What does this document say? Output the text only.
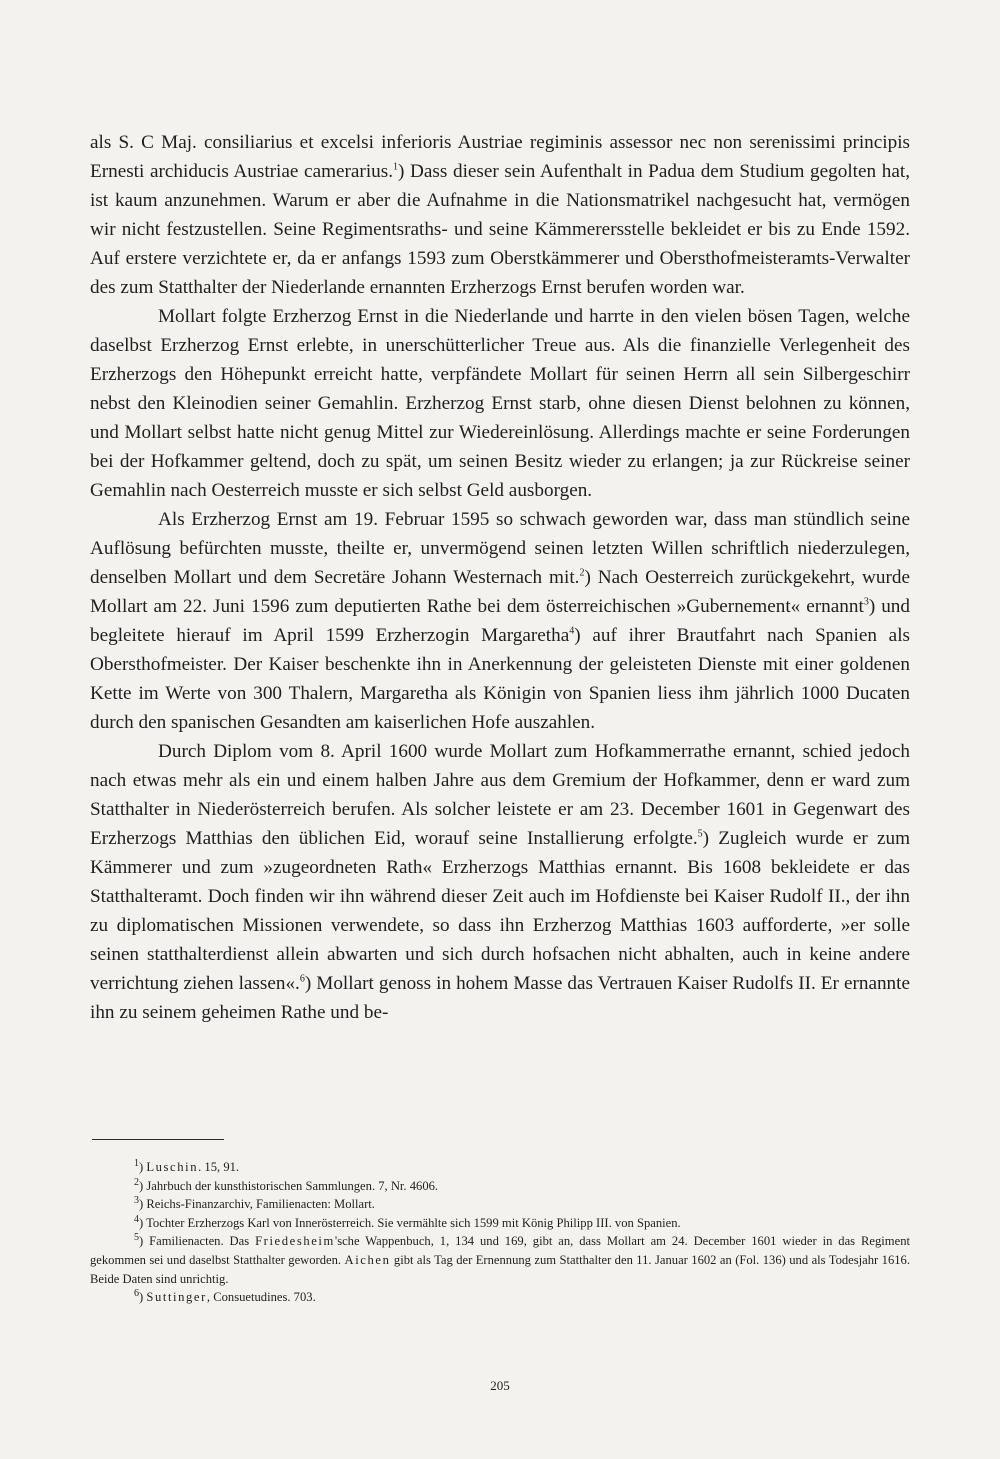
als S. C Maj. consiliarius et excelsi inferioris Austriae regiminis assessor nec non serenissimi principis Ernesti archiducis Austriae camerarius.$^1$) Dass dieser sein Aufenthalt in Padua dem Studium gegolten hat, ist kaum anzunehmen. Warum er aber die Aufnahme in die Nationsmatrikel nachgesucht hat, vermögen wir nicht festzustellen. Seine Regimentsraths- und seine Kämmerersstelle bekleidet er bis zu Ende 1592. Auf erstere verzichtete er, da er anfangs 1593 zum Oberstkämmerer und Obersthofmeisteramts-Verwalter des zum Statthalter der Niederlande ernannten Erzherzogs Ernst berufen worden war.

Mollart folgte Erzherzog Ernst in die Niederlande und harrte in den vielen bösen Tagen, welche daselbst Erzherzog Ernst erlebte, in unerschütterlicher Treue aus. Als die finanzielle Verlegenheit des Erzherzogs den Höhepunkt erreicht hatte, verpfändete Mollart für seinen Herrn all sein Silbergeschirr nebst den Kleinodien seiner Gemahlin. Erzherzog Ernst starb, ohne diesen Dienst belohnen zu können, und Mollart selbst hatte nicht genug Mittel zur Wiedereinlösung. Allerdings machte er seine Forderungen bei der Hofkammer geltend, doch zu spät, um seinen Besitz wieder zu erlangen; ja zur Rückreise seiner Gemahlin nach Oesterreich musste er sich selbst Geld ausborgen.

Als Erzherzog Ernst am 19. Februar 1595 so schwach geworden war, dass man stündlich seine Auflösung befürchten musste, theilte er, unvermögend seinen letzten Willen schriftlich niederzulegen, denselben Mollart und dem Secretäre Johann Westernach mit.$^2$) Nach Oesterreich zurückgekehrt, wurde Mollart am 22. Juni 1596 zum deputierten Rathe bei dem österreichischen »Gubernement« ernannt$^3$) und begleitete hierauf im April 1599 Erzherzogin Margaretha$^4$) auf ihrer Brautfahrt nach Spanien als Obersthofmeister. Der Kaiser beschenkte ihn in Anerkennung der geleisteten Dienste mit einer goldenen Kette im Werte von 300 Thalern, Margaretha als Königin von Spanien liess ihm jährlich 1000 Ducaten durch den spanischen Gesandten am kaiserlichen Hofe auszahlen.

Durch Diplom vom 8. April 1600 wurde Mollart zum Hofkammerrathe ernannt, schied jedoch nach etwas mehr als ein und einem halben Jahre aus dem Gremium der Hofkammer, denn er ward zum Statthalter in Niederösterreich berufen. Als solcher leistete er am 23. December 1601 in Gegenwart des Erzherzogs Matthias den üblichen Eid, worauf seine Installierung erfolgte.$^5$) Zugleich wurde er zum Kämmerer und zum »zugeordneten Rath« Erzherzogs Matthias ernannt. Bis 1608 bekleidete er das Statthalteramt. Doch finden wir ihn während dieser Zeit auch im Hofdienste bei Kaiser Rudolf II., der ihn zu diplomatischen Missionen verwendete, so dass ihn Erzherzog Matthias 1603 aufforderte, »er solle seinen statthalterdienst allein abwarten und sich durch hofsachen nicht abhalten, auch in keine andere verrichtung ziehen lassen«.$^6$) Mollart genoss in hohem Masse das Vertrauen Kaiser Rudolfs II. Er ernannte ihn zu seinem geheimen Rathe und be-

$^1$) Luschin. 15, 91.

$^2$) Jahrbuch der kunsthistorischen Sammlungen. 7, Nr. 4606.

$^3$) Reichs-Finanzarchiv, Familienacten: Mollart.

$^4$) Tochter Erzherzogs Karl von Innerösterreich. Sie vermählte sich 1599 mit König Philipp III. von Spanien.

$^5$) Familienacten. Das Friedesheim'sche Wappenbuch, 1, 134 und 169, gibt an, dass Mollart am 24. December 1601 wieder in das Regiment gekommen sei und daselbst Statthalter geworden. Aichen gibt als Tag der Ernennung zum Statthalter den 11. Januar 1602 an (Fol. 136) und als Todesjahr 1616. Beide Daten sind unrichtig.

$^6$) Suttinger, Consuetudines. 703.

205
